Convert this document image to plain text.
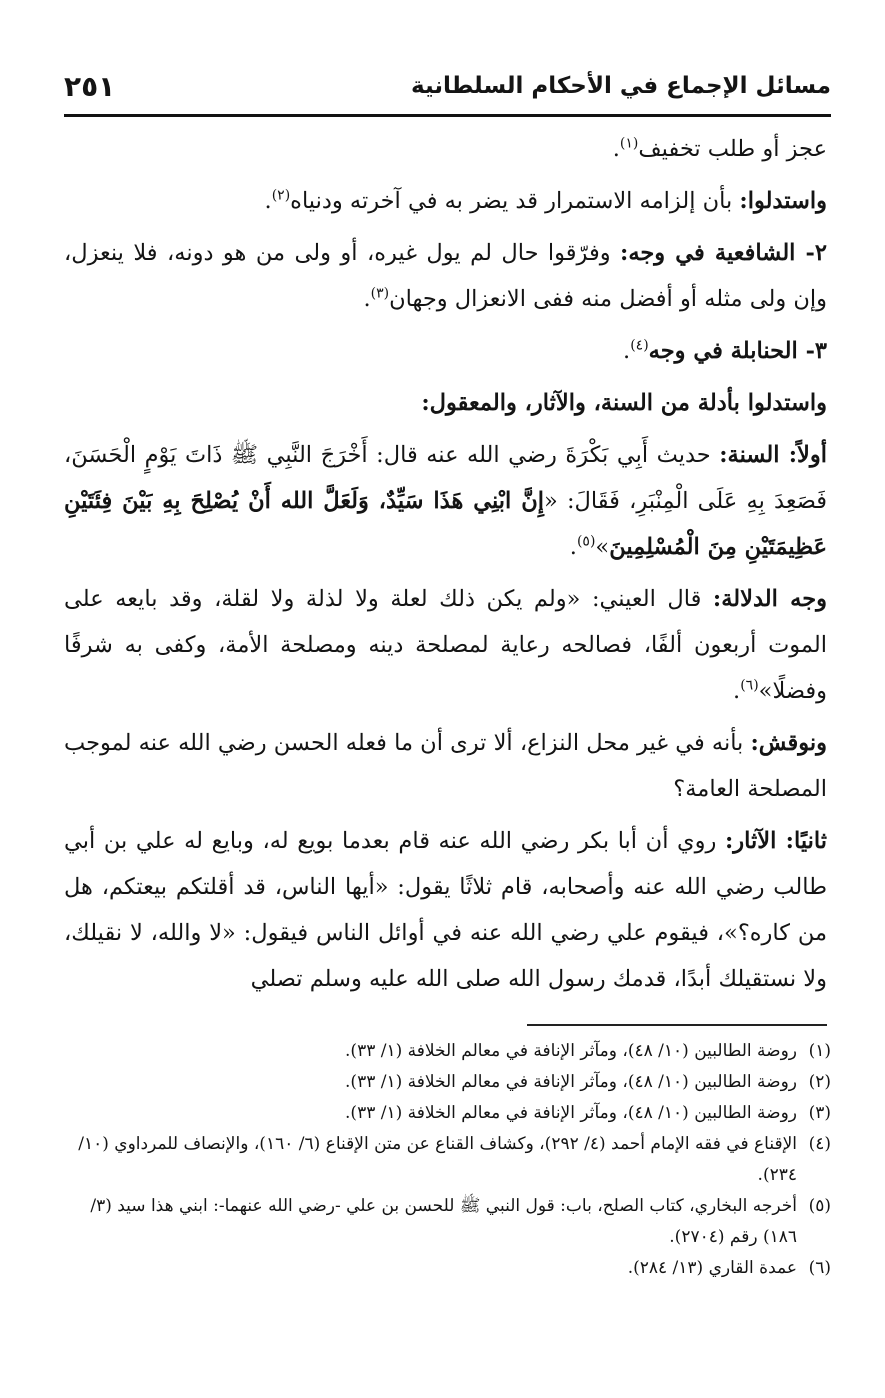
مسائل الإجماع في الأحكام السلطانية
٢٥١

عجز أو طلب تخفيف$^{(١)}$.

واستدلوا: بأن إلزامه الاستمرار قد يضر به في آخرته ودنياه$^{(٢)}$.

٢- الشافعية في وجه: وفرّقوا حال لم يول غيره، أو ولى من هو دونه، فلا ينعزل، وإن ولى مثله أو أفضل منه ففى الانعزال وجهان$^{(٣)}$.

٣- الحنابلة في وجه$^{(٤)}$.

واستدلوا بأدلة من السنة، والآثار، والمعقول:

أولاً: السنة: حديث أَبِي بَكْرَةَ رضي الله عنه قال: أَخْرَجَ النَّبِي ﷺ ذَاتَ يَوْمٍ الْحَسَنَ، فَصَعِدَ بِهِ عَلَى الْمِنْبَرِ، فَقَالَ: «إِنَّ ابْنِي هَذَا سَيِّدٌ، وَلَعَلَّ الله أَنْ يُصْلِحَ بِهِ بَيْنَ فِئَتَيْنِ عَظِيمَتَيْنِ مِنَ الْمُسْلِمِينَ»$^{(٥)}$.

وجه الدلالة: قال العيني: «ولم يكن ذلك لعلة ولا لذلة ولا لقلة، وقد بايعه على الموت أربعون ألفًا، فصالحه رعاية لمصلحة دينه ومصلحة الأمة، وكفى به شرفًا وفضلًا»$^{(٦)}$.

ونوقش: بأنه في غير محل النزاع، ألا ترى أن ما فعله الحسن رضي الله عنه لموجب المصلحة العامة؟

ثانيًا: الآثار: روي أن أبا بكر رضي الله عنه قام بعدما بويع له، وبايع له علي بن أبي طالب رضي الله عنه وأصحابه، قام ثلاثًا يقول: «أيها الناس، قد أقلتكم بيعتكم، هل من كاره؟»، فيقوم علي رضي الله عنه في أوائل الناس فيقول: «لا والله، لا نقيلك، ولا نستقيلك أبدًا، قدمك رسول الله صلى الله عليه وسلم تصلي

(١)
روضة الطالبين (١٠/ ٤٨)، ومآثر الإنافة في معالم الخلافة (١/ ٣٣).
(٢)
روضة الطالبين (١٠/ ٤٨)، ومآثر الإنافة في معالم الخلافة (١/ ٣٣).
(٣)
روضة الطالبين (١٠/ ٤٨)، ومآثر الإنافة في معالم الخلافة (١/ ٣٣).
(٤)
الإقناع في فقه الإمام أحمد (٤/ ٢٩٢)، وكشاف القناع عن متن الإقناع (٦/ ١٦٠)، والإنصاف للمرداوي (١٠/ ٢٣٤).
(٥)
أخرجه البخاري، كتاب الصلح، باب: قول النبي ﷺ للحسن بن علي -رضي الله عنهما-: ابني هذا سيد (٣/ ١٨٦) رقم (٢٧٠٤).
(٦)
عمدة القاري (١٣/ ٢٨٤).
